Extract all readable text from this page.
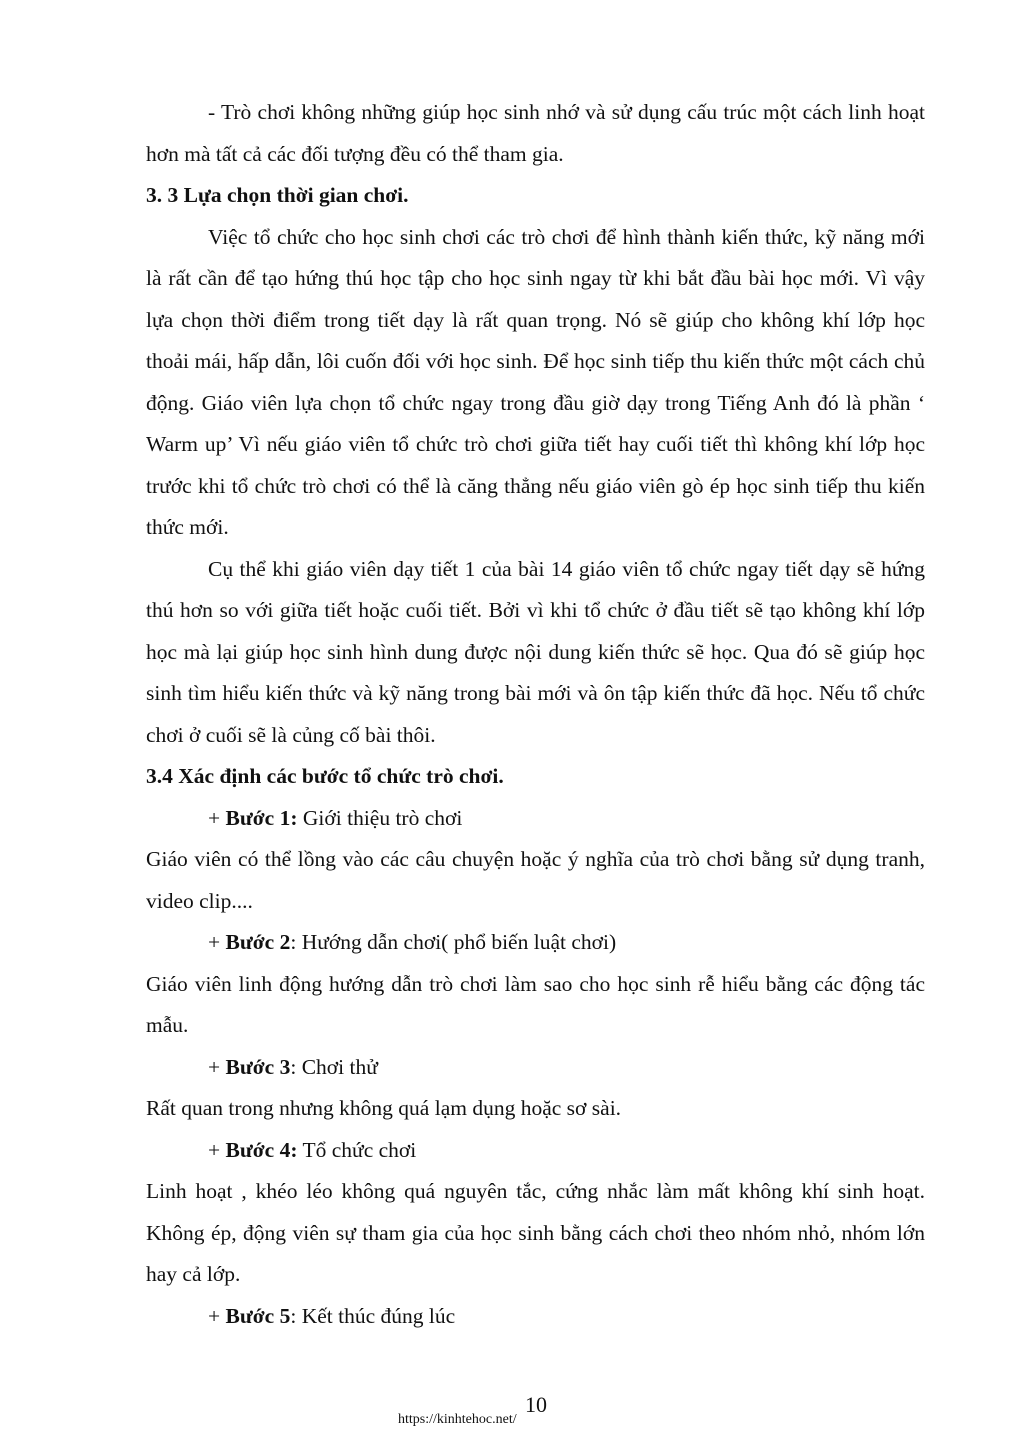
- Trò chơi không những giúp học sinh nhớ và sử dụng cấu trúc một cách linh hoạt hơn mà tất cả các đối tượng đều có thể tham gia.

3. 3 Lựa chọn thời gian chơi.

Việc tổ chức cho học sinh chơi các trò chơi để hình thành kiến thức, kỹ năng mới là rất cần để tạo hứng thú học tập cho học sinh ngay từ khi bắt đầu bài học mới. Vì vậy lựa chọn thời điểm trong tiết dạy là rất quan trọng. Nó sẽ giúp cho không khí lớp học thoải mái, hấp dẫn, lôi cuốn đối với học sinh. Để học sinh tiếp thu kiến thức một cách chủ động. Giáo viên lựa chọn tổ chức ngay trong đầu giờ dạy trong Tiếng Anh đó là phần ‘ Warm up’ Vì nếu giáo viên tổ chức trò chơi giữa tiết hay cuối tiết thì không khí lớp học trước khi tổ chức trò chơi có thể là căng thẳng nếu giáo viên gò ép học sinh tiếp thu kiến thức mới.

Cụ thể khi giáo viên dạy tiết 1 của bài 14 giáo viên tổ chức ngay tiết dạy sẽ hứng thú hơn so với giữa tiết hoặc cuối tiết. Bởi vì khi tổ chức ở đầu tiết sẽ tạo không khí lớp học mà lại giúp học sinh hình dung được nội dung kiến thức sẽ học. Qua đó sẽ giúp học sinh tìm hiểu kiến thức và kỹ năng trong bài mới và ôn tập kiến thức đã học. Nếu tổ chức chơi ở cuối sẽ là củng cố bài thôi.

3.4 Xác định các bước tổ chức trò chơi.

+ Bước 1: Giới thiệu trò chơi

Giáo viên có thể lồng vào các câu chuyện hoặc ý nghĩa của trò chơi bằng sử dụng tranh, video clip....

+ Bước 2: Hướng dẫn chơi( phổ biến luật chơi)

Giáo viên linh động hướng dẫn trò chơi làm sao cho học sinh rễ hiểu bằng các động tác mẫu.

+ Bước 3: Chơi thử

Rất quan trong nhưng không quá lạm dụng hoặc sơ sài.

+ Bước 4: Tổ chức chơi

Linh hoạt , khéo léo không quá nguyên tắc, cứng nhắc làm mất không khí sinh hoạt. Không ép, động viên sự tham gia của học sinh bằng cách chơi theo nhóm nhỏ, nhóm lớn hay cả lớp.

+ Bước 5: Kết thúc đúng lúc

10
https://kinhtehoc.net/
